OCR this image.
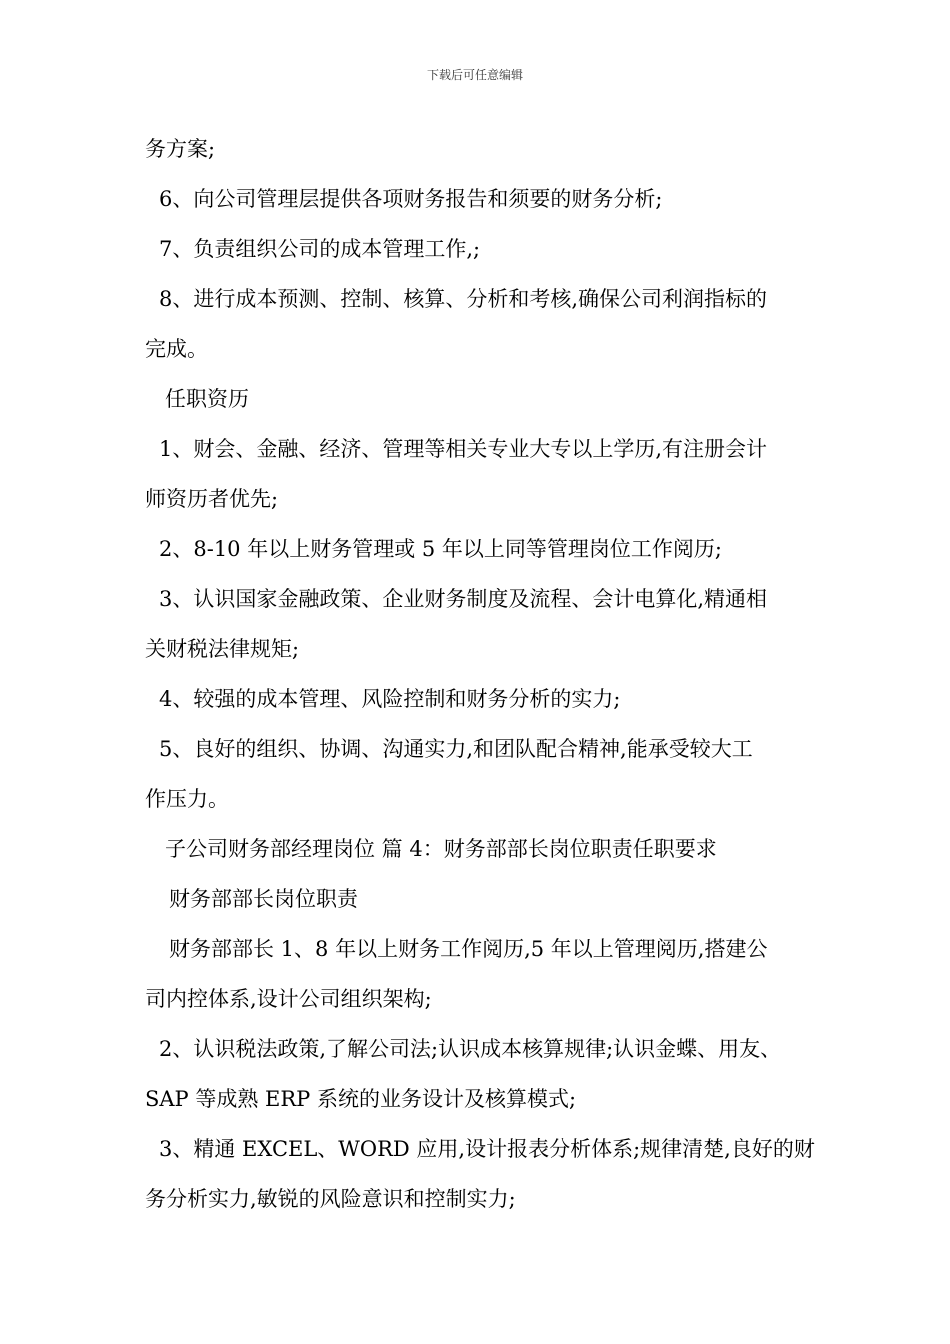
下载后可任意编辑
务方案;
6、向公司管理层提供各项财务报告和须要的财务分析;
7、负责组织公司的成本管理工作,;
8、进行成本预测、控制、核算、分析和考核,确保公司利润指标的
完成。
任职资历
1、财会、金融、经济、管理等相关专业大专以上学历,有注册会计
师资历者优先;
2、8-10 年以上财务管理或 5 年以上同等管理岗位工作阅历;
3、认识国家金融政策、企业财务制度及流程、会计电算化,精通相
关财税法律规矩;
4、较强的成本管理、风险控制和财务分析的实力;
5、良好的组织、协调、沟通实力,和团队配合精神,能承受较大工
作压力。
子公司财务部经理岗位 篇 4：财务部部长岗位职责任职要求
财务部部长岗位职责
财务部部长 1、8 年以上财务工作阅历,5 年以上管理阅历,搭建公
司内控体系,设计公司组织架构;
2、认识税法政策,了解公司法;认识成本核算规律;认识金蝶、用友、
SAP 等成熟 ERP 系统的业务设计及核算模式;
3、精通 EXCEL、WORD 应用,设计报表分析体系;规律清楚,良好的财
务分析实力,敏锐的风险意识和控制实力;
